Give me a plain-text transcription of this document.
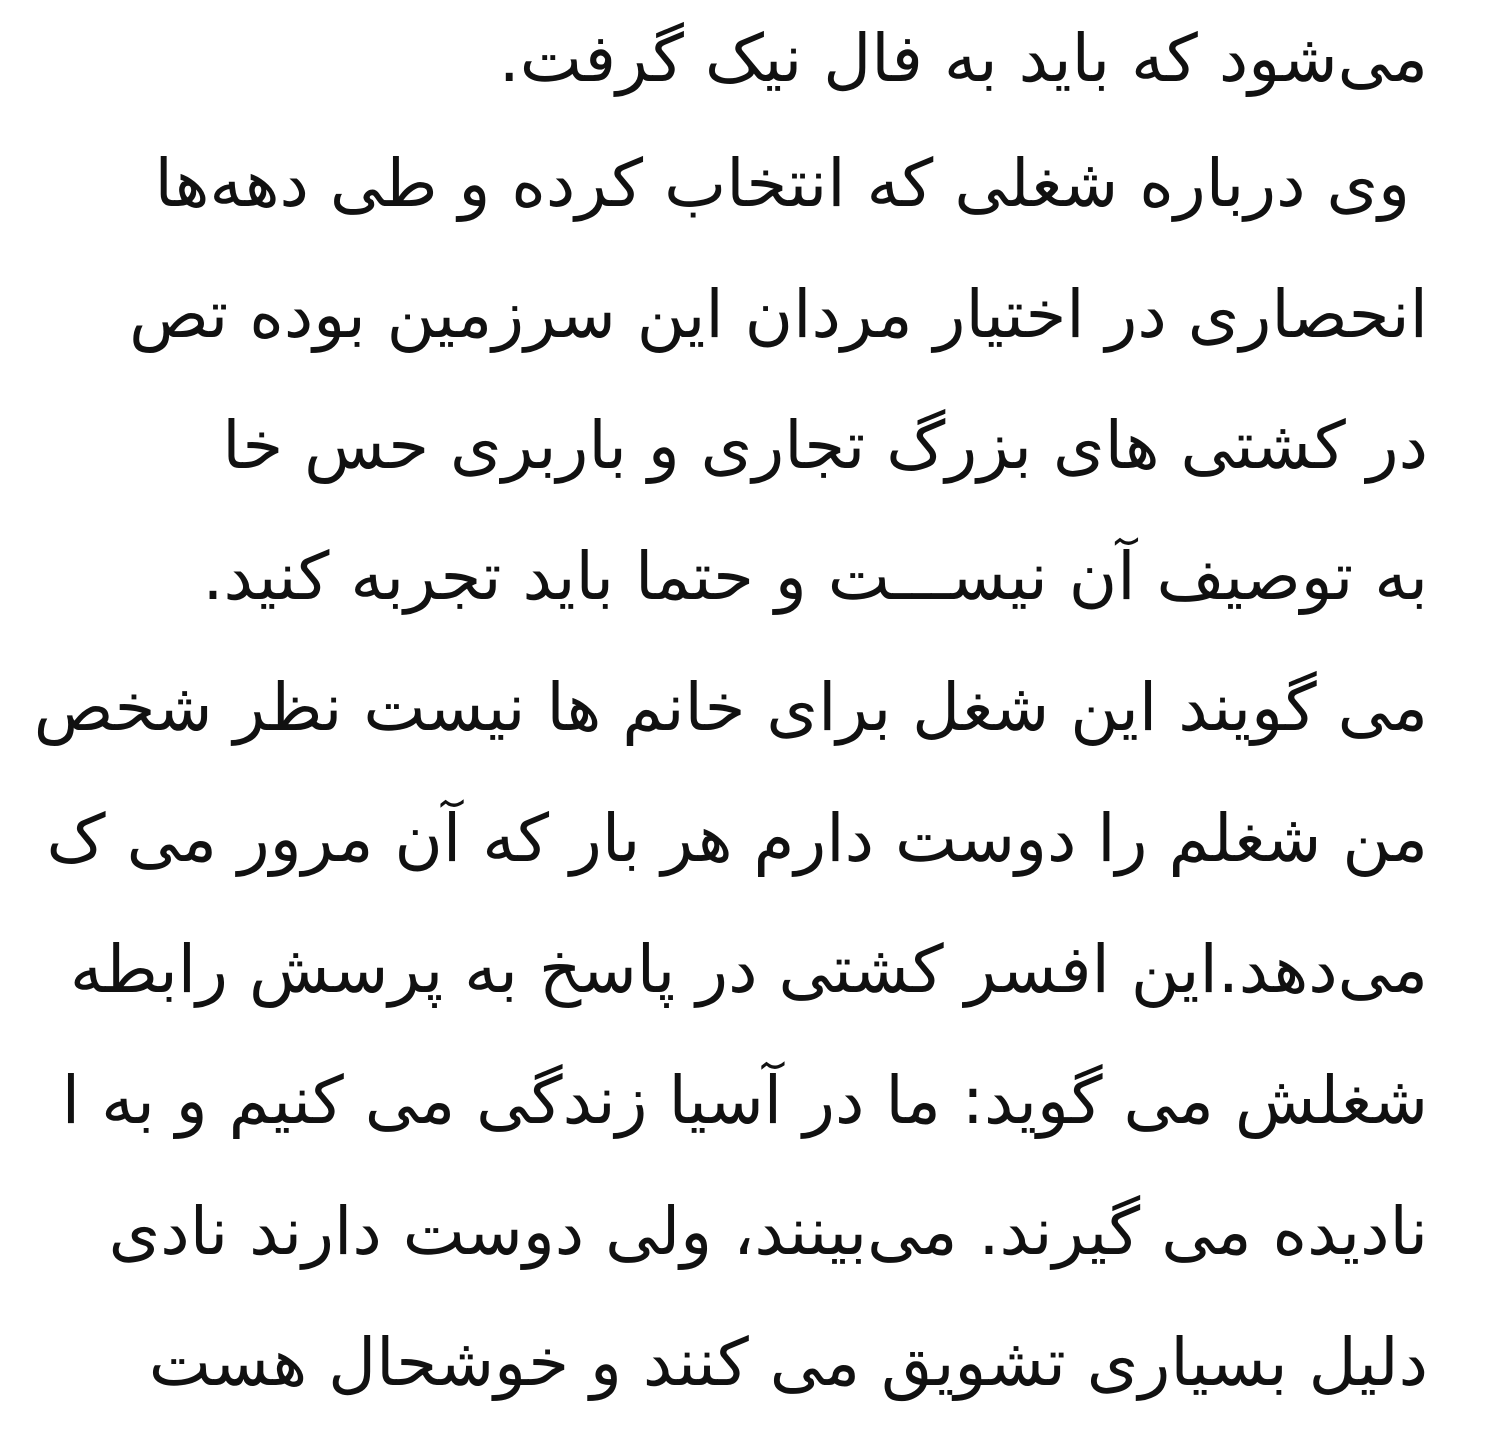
می‌شود که باید به فال نیک گرفت.
وی درباره شغلی که انتخاب کرده و طی دهه‌ها
انحصاری در اختیار مردان این سرزمین بوده تص
در کشتی های بزرگ تجاری و باربری حس خا
به توصیف آن نیســـت و حتما باید تجربه کنید.
می گویند این شغل برای خانم ها نیست نظر شخص
من شغلم را دوست دارم هر بار که آن مرور می ک
می‌دهد.این افسر کشتی در پاسخ به پرسش رابطه
شغلش می گوید: ما در آسیا زندگی می کنیم و به ا
نادیده می گیرند. می‌بینند، ولی دوست دارند نادی
دلیل بسیاری تشویق می کنند و خوشحال هست
